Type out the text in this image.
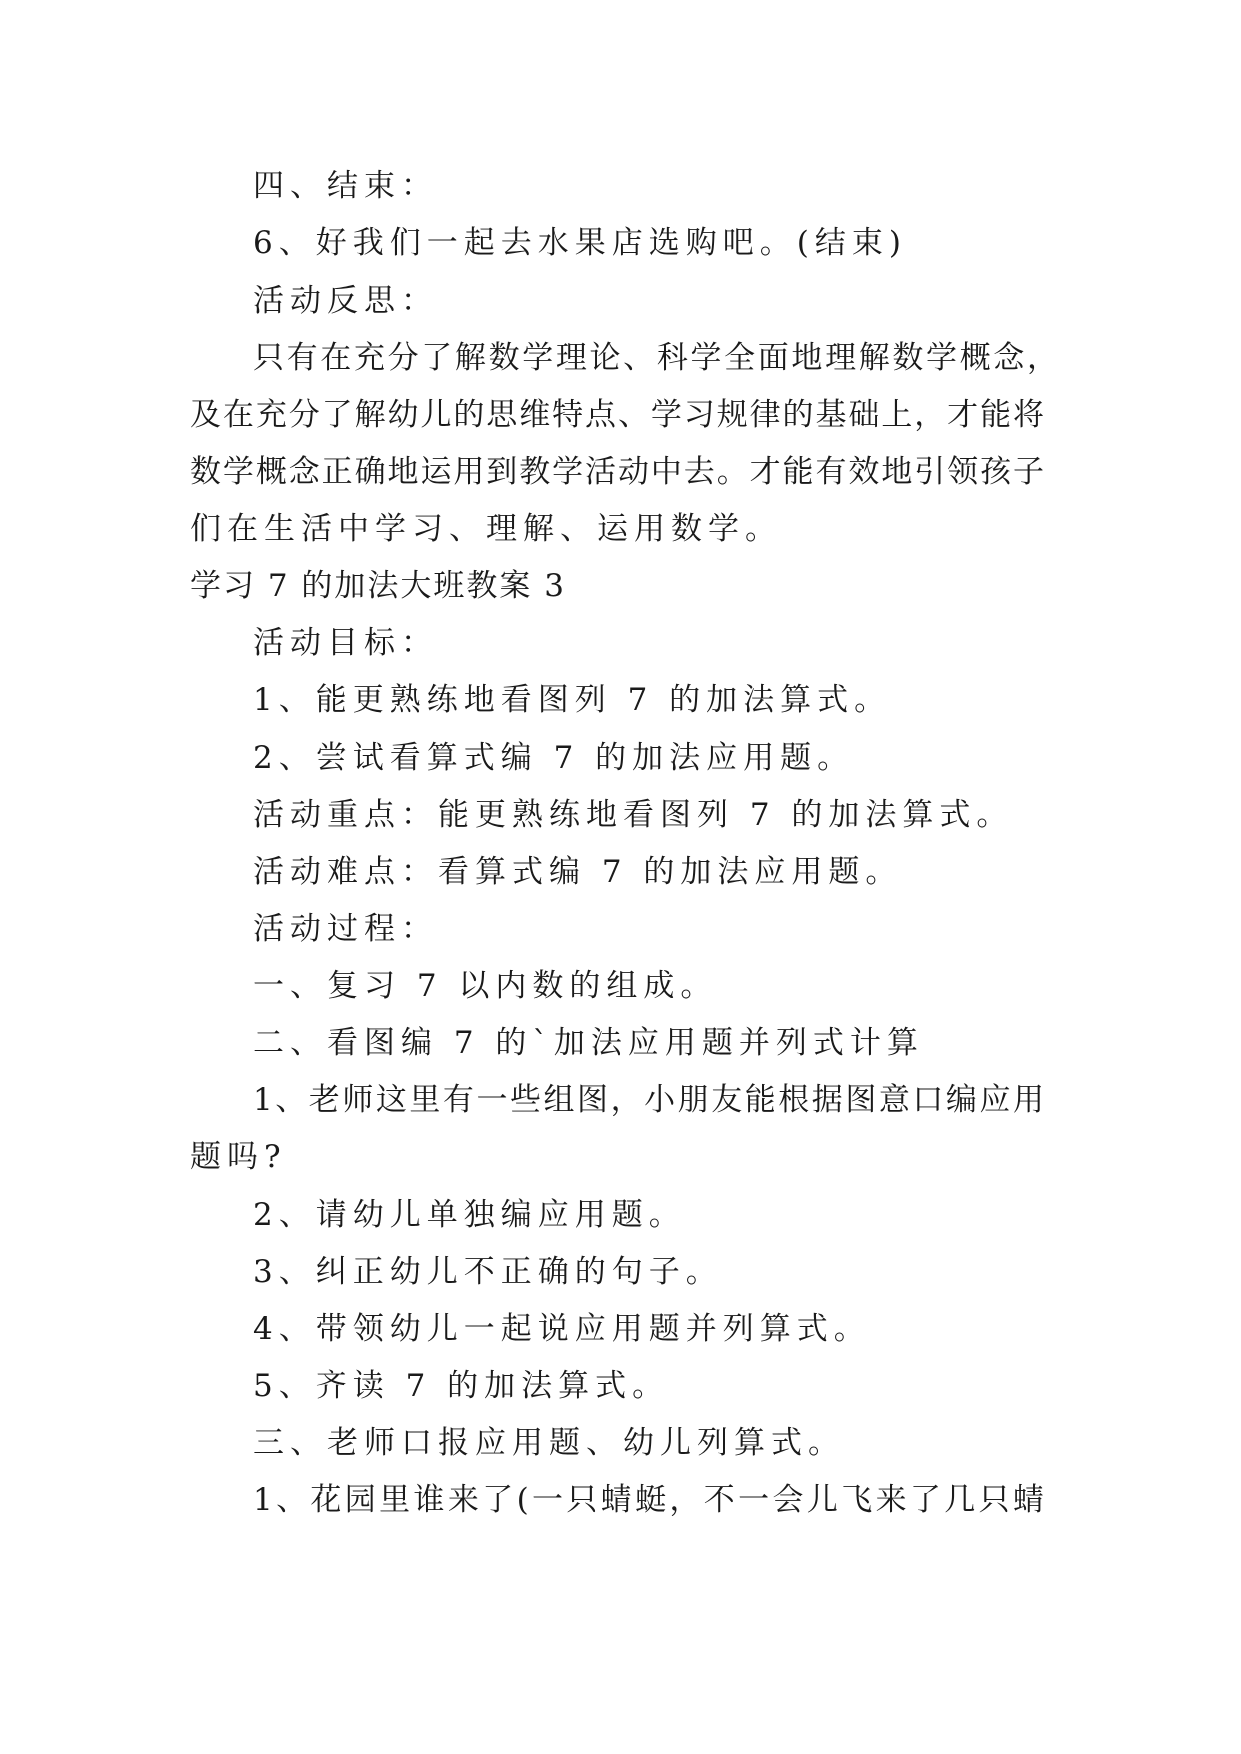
四、结束：
6、好我们一起去水果店选购吧。(结束)
活动反思：
只有在充分了解数学理论、科学全面地理解数学概念，
及在充分了解幼儿的思维特点、学习规律的基础上，才能将
数学概念正确地运用到教学活动中去。才能有效地引领孩子
们在生活中学习、理解、运用数学。
学习 7 的加法大班教案 3
活动目标：
1、能更熟练地看图列 7 的加法算式。
2、尝试看算式编 7 的加法应用题。
活动重点：能更熟练地看图列 7 的加法算式。
活动难点：看算式编 7 的加法应用题。
活动过程：
一、复习 7 以内数的组成。
二、看图编 7 的`加法应用题并列式计算
1、老师这里有一些组图，小朋友能根据图意口编应用
题吗?
2、请幼儿单独编应用题。
3、纠正幼儿不正确的句子。
4、带领幼儿一起说应用题并列算式。
5、齐读 7 的加法算式。
三、老师口报应用题、幼儿列算式。
1、花园里谁来了(一只蜻蜓，不一会儿飞来了几只蜻
